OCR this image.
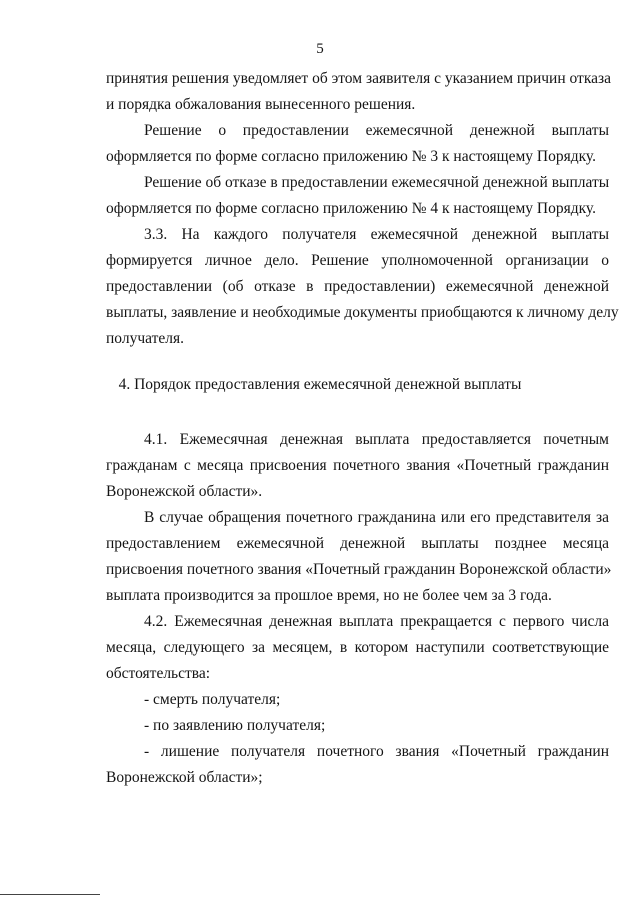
5
принятия решения уведомляет об этом заявителя с указанием причин отказа
и порядка обжалования вынесенного решения.
Решение о предоставлении ежемесячной денежной выплаты
оформляется по форме согласно приложению № 3 к настоящему Порядку.
Решение об отказе в предоставлении ежемесячной денежной выплаты
оформляется по форме согласно приложению № 4 к настоящему Порядку.
3.3. На каждого получателя ежемесячной денежной выплаты
формируется личное дело. Решение уполномоченной организации о
предоставлении (об отказе в предоставлении) ежемесячной денежной
выплаты, заявление и необходимые документы приобщаются к личному делу
получателя.
4. Порядок предоставления ежемесячной денежной выплаты
4.1. Ежемесячная денежная выплата предоставляется почетным
гражданам с месяца присвоения почетного звания «Почетный гражданин
Воронежской области».
В случае обращения почетного гражданина или его представителя за
предоставлением ежемесячной денежной выплаты позднее месяца
присвоения почетного звания «Почетный гражданин Воронежской области»
выплата производится за прошлое время, но не более чем за 3 года.
4.2. Ежемесячная денежная выплата прекращается с первого числа
месяца, следующего за месяцем, в котором наступили соответствующие
обстоятельства:
- смерть получателя;
- по заявлению получателя;
- лишение получателя почетного звания «Почетный гражданин
Воронежской области»;
